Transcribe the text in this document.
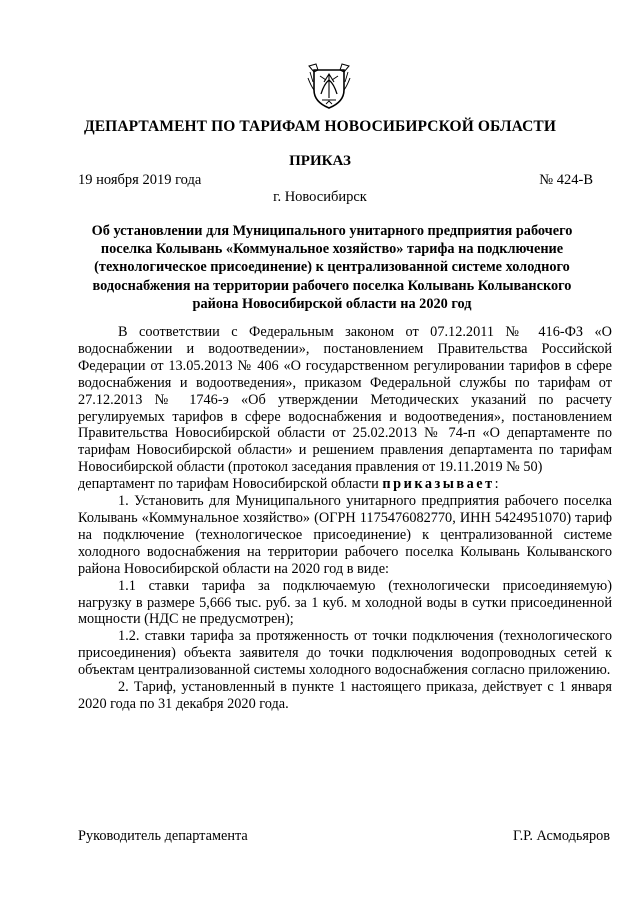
ДЕПАРТАМЕНТ ПО ТАРИФАМ НОВОСИБИРСКОЙ ОБЛАСТИ
ПРИКАЗ
19 ноября 2019 года	№ 424-В
г. Новосибирск
Об установлении для Муниципального унитарного предприятия рабочего поселка Колывань «Коммунальное хозяйство» тарифа на подключение (технологическое присоединение) к централизованной системе холодного водоснабжения на территории рабочего поселка Колывань Колыванского района Новосибирской области на 2020 год

В соответствии с Федеральным законом от 07.12.2011 № 416-ФЗ «О водоснабжении и водоотведении», постановлением Правительства Российской Федерации от 13.05.2013 № 406 «О государственном регулировании тарифов в сфере водоснабжения и водоотведения», приказом Федеральной службы по тарифам от 27.12.2013 № 1746-э «Об утверждении Методических указаний по расчету регулируемых тарифов в сфере водоснабжения и водоотведения», постановлением Правительства Новосибирской области от 25.02.2013 № 74-п «О департаменте по тарифам Новосибирской области» и решением правления департамента по тарифам Новосибирской области (протокол заседания правления от 19.11.2019 № 50)

департамент по тарифам Новосибирской области приказывает:

1. Установить для Муниципального унитарного предприятия рабочего поселка Колывань «Коммунальное хозяйство» (ОГРН 1175476082770, ИНН 5424951070) тариф на подключение (технологическое присоединение) к централизованной системе холодного водоснабжения на территории рабочего поселка Колывань Колыванского района Новосибирской области на 2020 год в виде:

1.1 ставки тарифа за подключаемую (технологически присоединяемую) нагрузку в размере 5,666 тыс. руб. за 1 куб. м холодной воды в сутки присоединенной мощности (НДС не предусмотрен);

1.2. ставки тарифа за протяженность от точки подключения (технологического присоединения) объекта заявителя до точки подключения водопроводных сетей к объектам централизованной системы холодного водоснабжения согласно приложению.

2. Тариф, установленный в пункте 1 настоящего приказа, действует с 1 января 2020 года по 31 декабря 2020 года.

Руководитель департамента	Г.Р. Асмодьяров
